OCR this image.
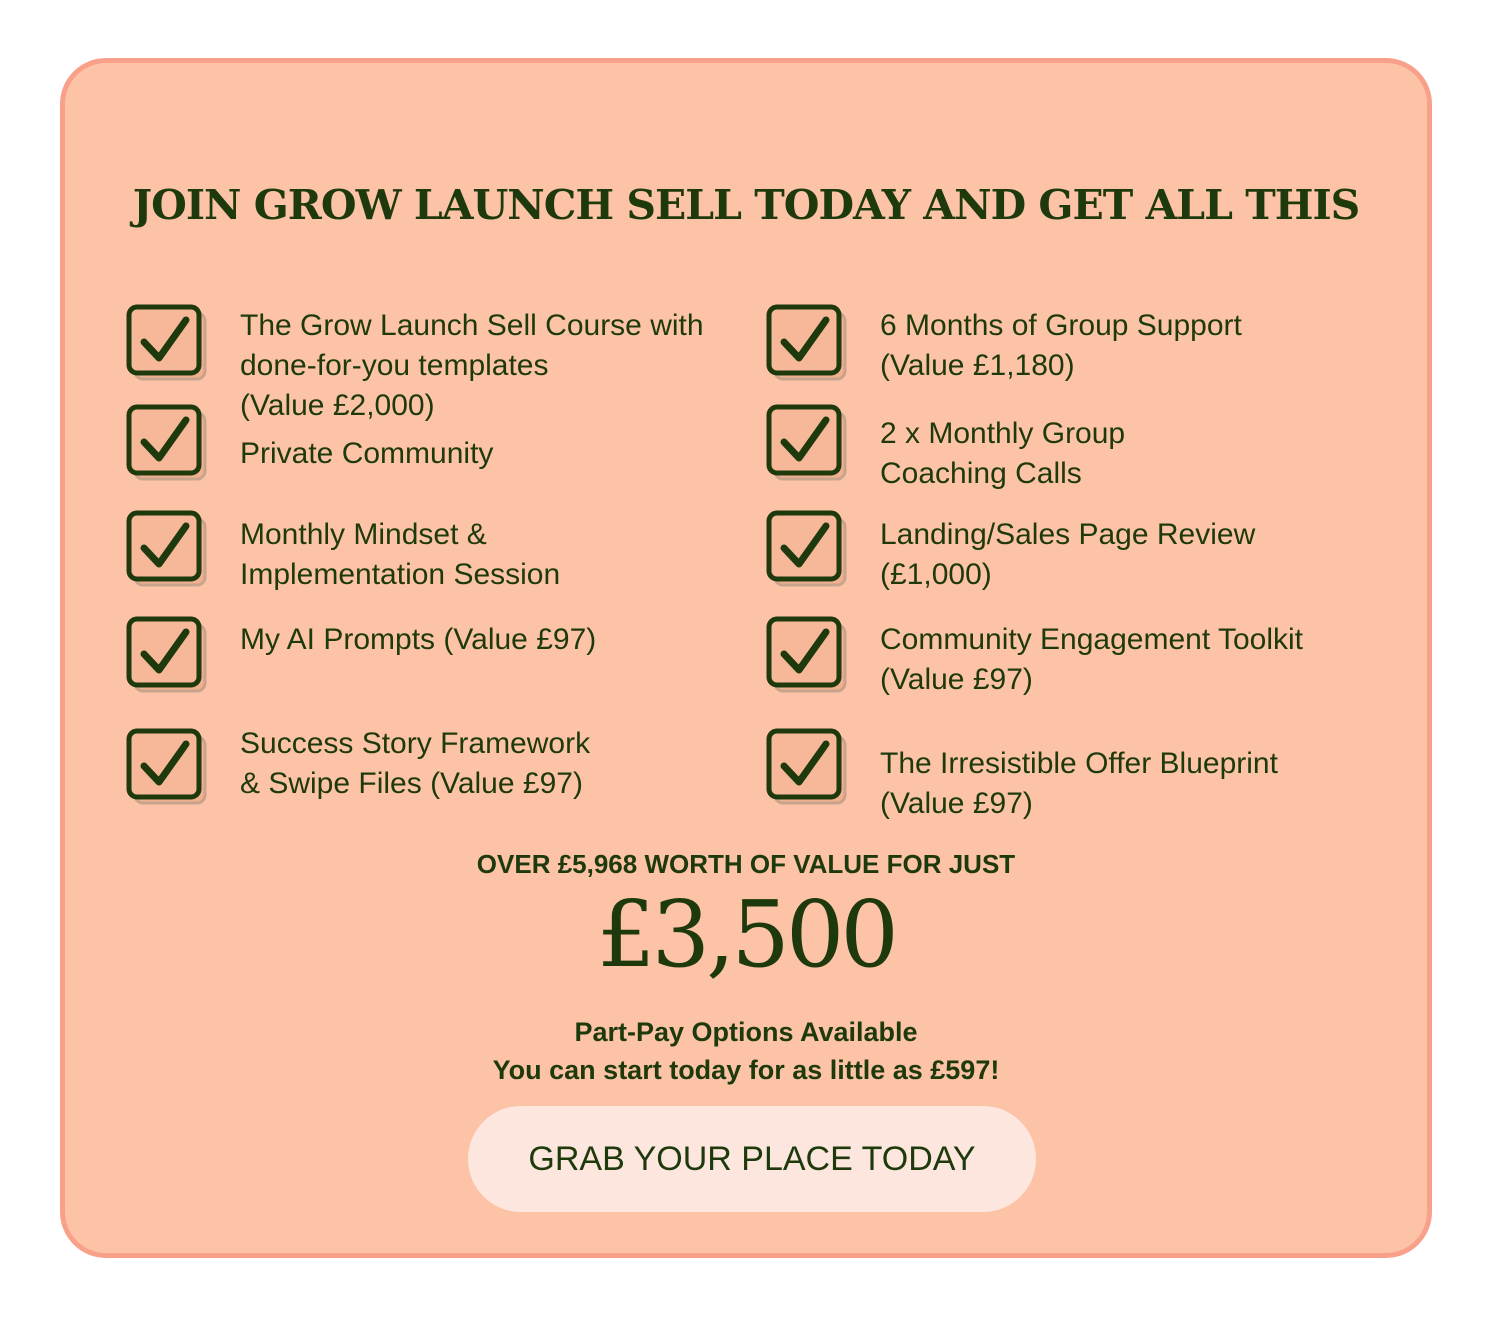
JOIN GROW LAUNCH SELL TODAY AND GET ALL THIS
The Grow Launch Sell Course with
done-for-you templates
(Value £2,000)
Private Community
Monthly Mindset &
Implementation Session
My AI Prompts (Value £97)
Success Story Framework
& Swipe Files (Value £97)
6 Months of Group Support
(Value £1,180)
2 x Monthly Group
Coaching Calls
Landing/Sales Page Review
(£1,000)
Community Engagement Toolkit
(Value £97)
The Irresistible Offer Blueprint
(Value £97)
OVER £5,968 WORTH OF VALUE FOR JUST
£3,500
Part-Pay Options Available
You can start today for as little as £597!
GRAB YOUR PLACE TODAY
